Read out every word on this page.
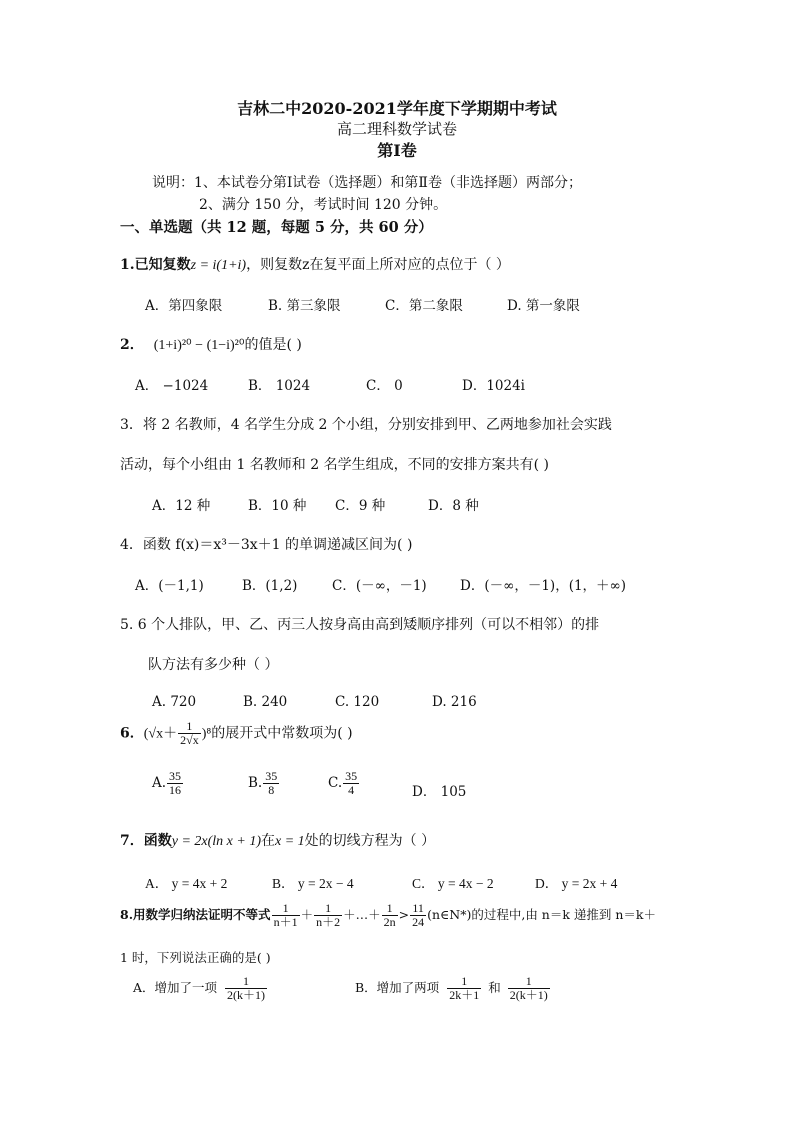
吉林二中2020-2021学年度下学期期中考试
高二理科数学试卷
第Ⅰ卷
说明：1、本试卷分第Ⅰ试卷（选择题）和第Ⅱ卷（非选择题）两部分；
2、满分 150 分，考试时间 120 分钟。
一、单选题（共 12 题，每题 5 分，共 60 分）
1.已知复数z = i(1+i)，则复数z在复平面上所对应的点位于（ ）
A．第四象限	B. 第三象限	C．第二象限	D. 第一象限
2． (1+i)²⁰ − (1−i)²⁰的值是( )
A． −1024	B． 1024	C． 0	D．1024i
3．将 2 名教师，4 名学生分成 2 个小组，分别安排到甲、乙两地参加社会实践
活动，每个小组由 1 名教师和 2 名学生组成，不同的安排方案共有( )
A．12 种	B．10 种 C．9 种	D．8 种
4．函数 f(x)＝x³－3x＋1 的单调递减区间为( )
A．(－1,1)	B．(1,2)	C．(－∞，－1) D．(－∞，－1)，(1，＋∞)
5. 6 个人排队，甲、乙、丙三人按身高由高到矮顺序排列（可以不相邻）的排
队方法有多少种（ ）
A. 720	B. 240	C. 120	D. 216
6．$(√x+ \frac{1}{2√x} )^8$的展开式中常数项为( )
A. $\frac{35}{16}$	B. $\frac{35}{8}$	C. $\frac{35}{4}$	D． 105
7．函数y = 2x(ln x + 1)在x = 1处的切线方程为（ ）
A． y = 4x + 2	B． y = 2x − 4	C． y = 4x − 2	D． y = 2x + 4
8.用数学归纳法证明不等式 $\frac{1}{n+1} + \frac{1}{n+2}$ ＋…＋ $\frac{1}{2n} > \frac{11}{24}$ (n∈N*)的过程中,由 n＝k 递推到 n＝k＋
1 时，下列说法正确的是( )
A．增加了一项 $\frac{1}{2(k+1)}$	B．增加了两项 $\frac{1}{2k+1}$ 和 $\frac{1}{2(k+1)}$
